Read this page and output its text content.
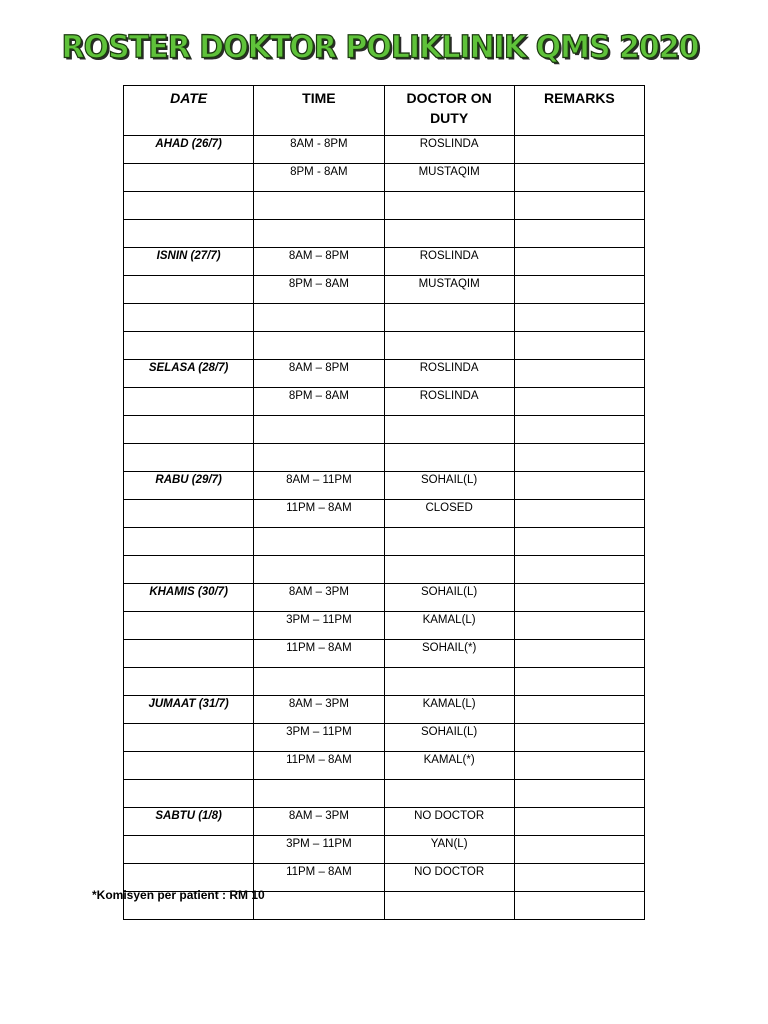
ROSTER DOKTOR POLIKLINIK QMS 2020
DATE	TIME	DOCTOR ON
DUTY	REMARKS
AHAD (26/7)	8AM - 8PM	ROSLINDA	
	8PM - 8AM	MUSTAQIM	

ISNIN (27/7)	8AM – 8PM	ROSLINDA	
	8PM – 8AM	MUSTAQIM	

SELASA (28/7)	8AM – 8PM	ROSLINDA	
	8PM – 8AM	ROSLINDA	

RABU (29/7)	8AM – 11PM	SOHAIL(L)	
	11PM – 8AM	CLOSED	

KHAMIS (30/7)	8AM – 3PM	SOHAIL(L)	
	3PM – 11PM	KAMAL(L)	
	11PM – 8AM	SOHAIL(*)	

JUMAAT (31/7)	8AM – 3PM	KAMAL(L)	
	3PM – 11PM	SOHAIL(L)	
	11PM – 8AM	KAMAL(*)	

SABTU (1/8)	8AM – 3PM	NO DOCTOR	
	3PM – 11PM	YAN(L)	
	11PM – 8AM	NO DOCTOR	

*Komisyen per patient : RM 10
